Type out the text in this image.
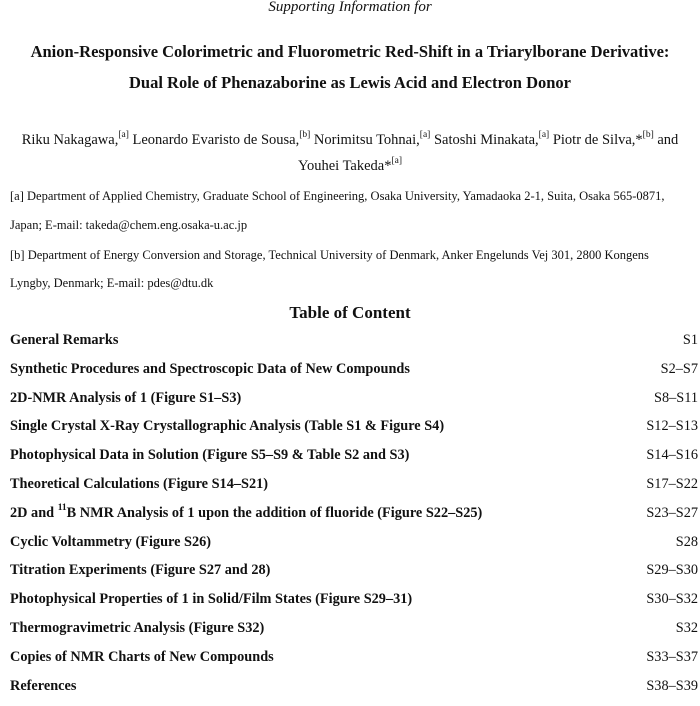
Supporting Information for
Anion-Responsive Colorimetric and Fluorometric Red-Shift in a Triarylborane Derivative:
Dual Role of Phenazaborine as Lewis Acid and Electron Donor
Riku Nakagawa,[a] Leonardo Evaristo de Sousa,[b] Norimitsu Tohnai,[a] Satoshi Minakata,[a] Piotr de Silva,*[b] and
Youhei Takeda*[a]
[a] Department of Applied Chemistry, Graduate School of Engineering, Osaka University, Yamadaoka 2-1, Suita, Osaka 565-0871,
Japan; E-mail: takeda@chem.eng.osaka-u.ac.jp
[b] Department of Energy Conversion and Storage, Technical University of Denmark, Anker Engelunds Vej 301, 2800 Kongens
Lyngby, Denmark; E-mail: pdes@dtu.dk
Table of Content
General Remarks	S1
Synthetic Procedures and Spectroscopic Data of New Compounds	S2–S7
2D-NMR Analysis of 1 (Figure S1–S3)	S8–S11
Single Crystal X-Ray Crystallographic Analysis (Table S1 & Figure S4)	S12–S13
Photophysical Data in Solution (Figure S5–S9 & Table S2 and S3)	S14–S16
Theoretical Calculations (Figure S14–S21)	S17–S22
2D and $^{11}$B NMR Analysis of 1 upon the addition of fluoride (Figure S22–S25)	S23–S27
Cyclic Voltammetry (Figure S26)	S28
Titration Experiments (Figure S27 and 28)	S29–S30
Photophysical Properties of 1 in Solid/Film States (Figure S29–31)	S30–S32
Thermogravimetric Analysis (Figure S32)	S32
Copies of NMR Charts of New Compounds	S33–S37
References	S38–S39
